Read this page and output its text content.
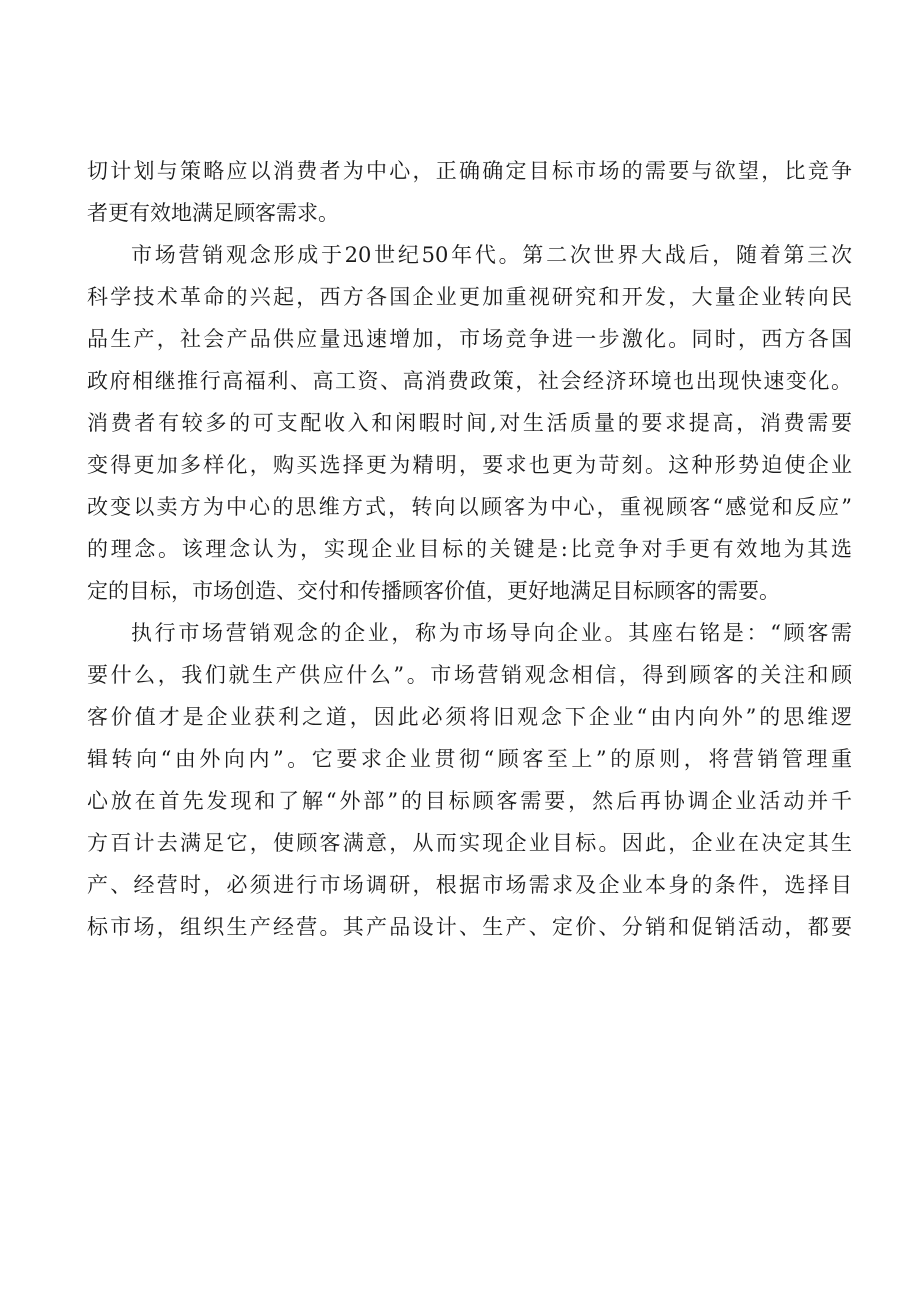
切计划与策略应以消费者为中心，正确确定目标市场的需要与欲望，比竞争
者更有效地满足顾客需求。
市场营销观念形成于20世纪50年代。第二次世界大战后，随着第三次
科学技术革命的兴起，西方各国企业更加重视研究和开发，大量企业转向民
品生产，社会产品供应量迅速增加，市场竞争进一步激化。同时，西方各国
政府相继推行高福利、高工资、高消费政策，社会经济环境也出现快速变化。
消费者有较多的可支配收入和闲暇时间,对生活质量的要求提高，消费需要
变得更加多样化，购买选择更为精明，要求也更为苛刻。这种形势迫使企业
改变以卖方为中心的思维方式，转向以顾客为中心，重视顾客“感觉和反应”
的理念。该理念认为，实现企业目标的关键是:比竞争对手更有效地为其选
定的目标，市场创造、交付和传播顾客价值，更好地满足目标顾客的需要。
执行市场营销观念的企业，称为市场导向企业。其座右铭是：“顾客需
要什么，我们就生产供应什么”。市场营销观念相信，得到顾客的关注和顾
客价值才是企业获利之道，因此必须将旧观念下企业“由内向外”的思维逻
辑转向“由外向内”。它要求企业贯彻“顾客至上”的原则，将营销管理重
心放在首先发现和了解“外部”的目标顾客需要，然后再协调企业活动并千
方百计去满足它，使顾客满意，从而实现企业目标。因此，企业在决定其生
产、经营时，必须进行市场调研，根据市场需求及企业本身的条件，选择目
标市场，组织生产经营。其产品设计、生产、定价、分销和促销活动，都要
